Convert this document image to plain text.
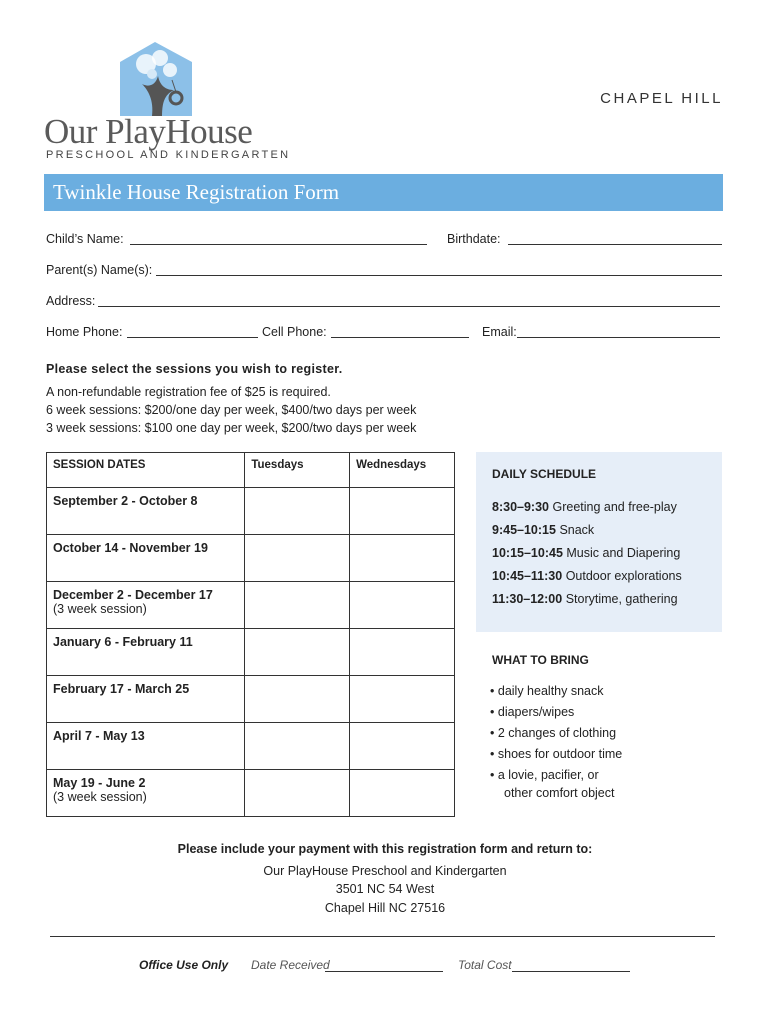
Our PlayHouse
PRESCHOOL AND KINDERGARTEN
CHAPEL HILL
Twinkle House Registration Form
Child’s Name:	Birthdate:
Parent(s) Name(s):
Address:
Home Phone:	Cell Phone:	Email:
Please select the sessions you wish to register.
A non-refundable registration fee of $25 is required.
6 week sessions: $200/one day per week, $400/two days per week
3 week sessions: $100 one day per week, $200/two days per week
SESSION DATES	Tuesdays	Wednesdays
September 2 - October 8		
October 14 - November 19		
December 2 - December 17
(3 week session)		
January 6 - February 11		
February 17 - March 25		
April 7 - May 13		
May 19 - June 2
(3 week session)		
DAILY SCHEDULE
8:30–9:30 Greeting and free-play
9:45–10:15 Snack
10:15–10:45 Music and Diapering
10:45–11:30 Outdoor explorations
11:30–12:00 Storytime, gathering
WHAT TO BRING
• daily healthy snack
• diapers/wipes
• 2 changes of clothing
• shoes for outdoor time
• a lovie, pacifier, or
other comfort object
Please include your payment with this registration form and return to:
Our PlayHouse Preschool and Kindergarten
3501 NC 54 West
Chapel Hill NC 27516
Office Use Only Date Received	Total Cost
